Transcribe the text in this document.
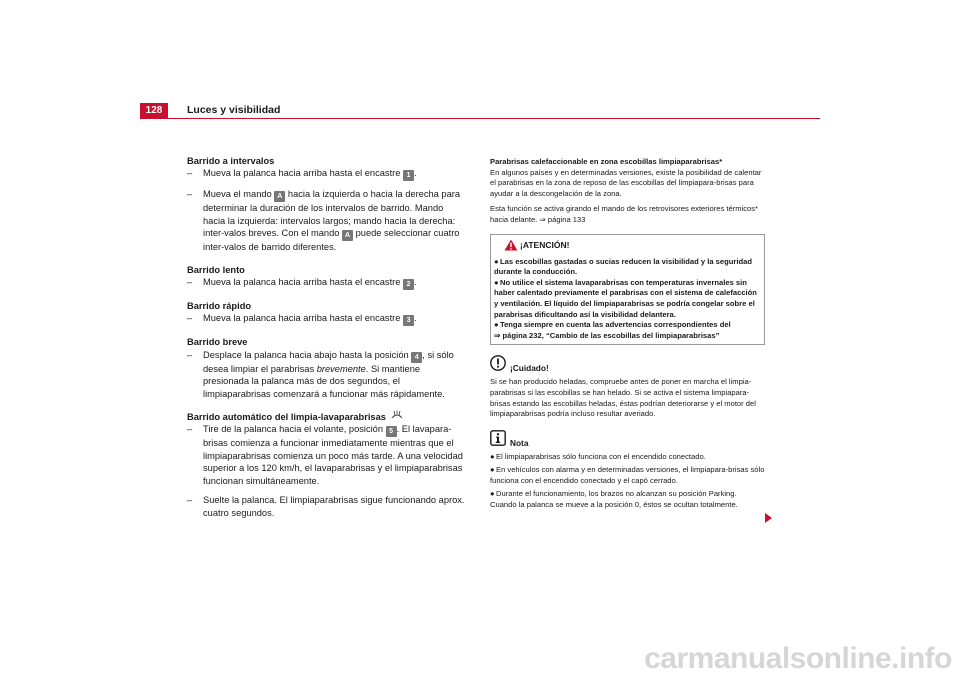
128	Luces y visibilidad

Barrido a intervalos

– Mueva la palanca hacia arriba hasta el encastre 1 .

– Mueva el mando A hacia la izquierda o hacia la derecha para determinar la duración de los intervalos de barrido. Mando hacia la izquierda: intervalos largos; mando hacia la derecha: inter-valos breves. Con el mando A puede seleccionar cuatro inter-valos de barrido diferentes.

Barrido lento

– Mueva la palanca hacia arriba hasta el encastre 2 .

Barrido rápido

– Mueva la palanca hacia arriba hasta el encastre 3 .

Barrido breve

– Desplace la palanca hacia abajo hasta la posición 4 , si sólo desea limpiar el parabrisas brevemente. Si mantiene presionada la palanca más de dos segundos, el limpiaparabrisas comenzará a funcionar más rápidamente.

Barrido automático del limpia-lavaparabrisas

– Tire de la palanca hacia el volante, posición 5 . El lavapara-brisas comienza a funcionar inmediatamente mientras que el limpiaparabrisas comienza un poco más tarde. A una velocidad superior a los 120 km/h, el lavaparabrisas y el limpiaparabrisas funcionan simultáneamente.

– Suelte la palanca. El limpiaparabrisas sigue funcionando aprox. cuatro segundos.

Parabrisas calefaccionable en zona escobillas limpiaparabrisas*

En algunos países y en determinadas versiones, existe la posibilidad de calentar el parabrisas en la zona de reposo de las escobillas del limpiapara-brisas para ayudar a la descongelación de la zona.

Esta función se activa girando el mando de los retrovisores exteriores térmicos* hacia delante. ⇒ página 133

¡ATENCIÓN!

●Las escobillas gastadas o sucias reducen la visibilidad y la seguridad durante la conducción.

●No utilice el sistema lavaparabrisas con temperaturas invernales sin haber calentado previamente el parabrisas con el sistema de calefacción y ventilación. El líquido del limpiaparabrisas se podría congelar sobre el parabrisas dificultando así la visibilidad delantera.

●Tenga siempre en cuenta las advertencias correspondientes del
⇒ página 232, “Cambio de las escobillas del limpiaparabrisas”

¡Cuidado!

Si se han producido heladas, compruebe antes de poner en marcha el limpia-parabrisas si las escobillas se han helado. Si se activa el sistema limpiapara-brisas estando las escobillas heladas, éstas podrían deteriorarse y el motor del limpiaparabrisas podría incluso resultar averiado.

Nota

●El limpiaparabrisas sólo funciona con el encendido conectado.

●En vehículos con alarma y en determinadas versiones, el limpiapara-brisas sólo funciona con el encendido conectado y el capó cerrado.

●Durante el funcionamiento, los brazos no alcanzan su posición Parking. Cuando la palanca se mueve a la posición 0, éstos se ocultan totalmente.

carmanualsonline.info
